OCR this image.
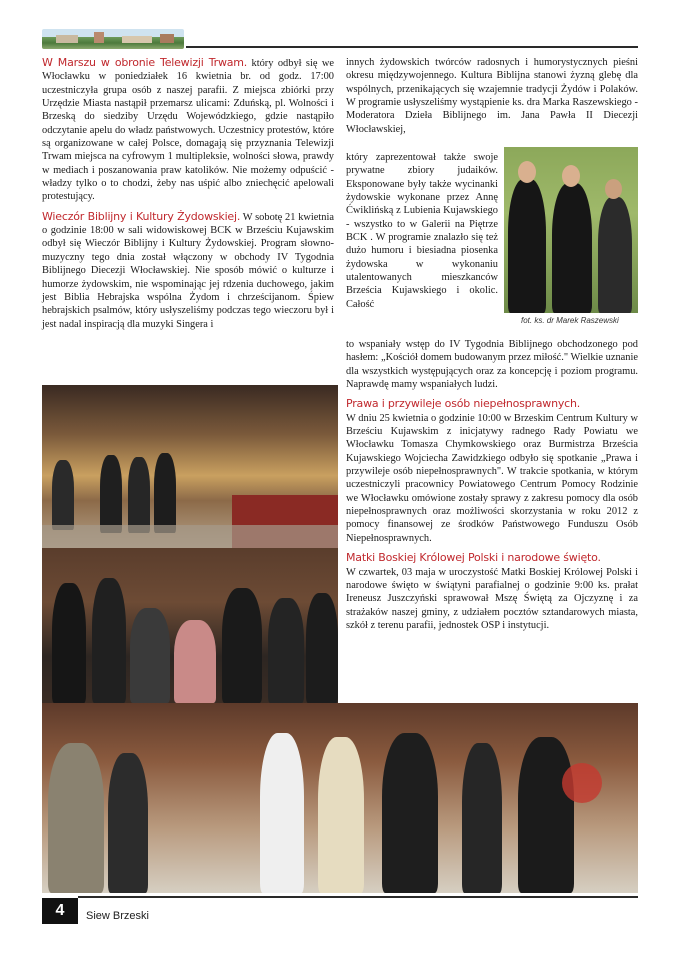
W Marszu w obronie Telewizji Trwam. który odbył się we Włocławku w poniedziałek 16 kwietnia br. od godz. 17:00 uczestniczyła grupa osób z naszej parafii. Z miejsca zbiórki przy Urzędzie Miasta nastąpił przemarsz ulicami: Zduńską, pl. Wolności i Brzeską do siedziby Urzędu Wojewódzkiego, gdzie nastąpiło odczytanie apelu do władz państwowych. Uczestnicy protestów, które są organizowane w całej Polsce, domagają się przyznania Telewizji Trwam miejsca na cyfrowym 1 multipleksie, wolności słowa, prawdy w mediach i poszanowania praw katolików. Nie możemy odpuścić - władzy tylko o to chodzi, żeby nas uśpić albo zniechęcić apelowali protestujący.

Wieczór Biblijny i Kultury Żydowskiej. W sobotę 21 kwietnia o godzinie 18:00 w sali widowiskowej BCK w Brześciu Kujawskim odbył się Wieczór Biblijny i Kultury Żydowskiej. Program słowno-muzyczny tego dnia został włączony w obchody IV Tygodnia Biblijnego Diecezji Włocławskiej. Nie sposób mówić o kulturze i humorze żydowskim, nie wspominając jej rdzenia duchowego, jakim jest Biblia Hebrajska wspólna Żydom i chrześcijanom. Śpiew hebrajskich psalmów, który usłyszeliśmy podczas tego wieczoru był i jest nadal inspiracją dla muzyki Singera i

innych żydowskich twórców radosnych i humorystycznych pieśni okresu międzywojennego. Kultura Biblijna stanowi żyzną glebę dla wspólnych, przenikających się wzajemnie tradycji Żydów i Polaków. W programie usłyszeliśmy wystąpienie ks. dra Marka Raszewskiego - Moderatora Dzieła Biblijnego im. Jana Pawła II Diecezji Włocławskiej,

który zaprezentował także swoje prywatne zbiory judaików. Eksponowane były także wycinanki żydowskie wykonane przez Annę Ćwiklińską z Lubienia Kujawskiego - wszystko to w Galerii na Piętrze BCK . W programie znalazło się też dużo humoru i biesiadna piosenka żydowska w wykonaniu utalentowanych mieszkanców Brześcia Kujawskiego i okolic. Całość

fot. ks. dr Marek Raszewski

to wspaniały wstęp do IV Tygodnia Biblijnego obchodzonego pod hasłem: „Kościół domem budowanym przez miłość." Wielkie uznanie dla wszystkich występujących oraz za koncepcję i poziom programu. Naprawdę mamy wspaniałych ludzi.

Prawa i przywileje osób niepełnosprawnych.
W dniu 25 kwietnia o godzinie 10:00 w Brzeskim Centrum Kultury w Brześciu Kujawskim z inicjatywy radnego Rady Powiatu we Włocławku Tomasza Chymkowskiego oraz Burmistrza Brześcia Kujawskiego Wojciecha Zawidzkiego odbyło się spotkanie „Prawa i przywileje osób niepełnosprawnych". W trakcie spotkania, w którym uczestniczyli pracownicy Powiatowego Centrum Pomocy Rodzinie we Włocławku omówione zostały sprawy z zakresu pomocy dla osób niepełnosprawnych oraz możliwości skorzystania w roku 2012 z pomocy finansowej ze środków Państwowego Funduszu Osób Niepełnosprawnych.

Matki Boskiej Królowej Polski i narodowe święto.
W czwartek, 03 maja w uroczystość Matki Boskiej Królowej Polski i narodowe święto w świątyni parafialnej o godzinie 9:00 ks. prałat Ireneusz Juszczyński sprawował Mszę Świętą za Ojczyznę i za strażaków naszej gminy, z udziałem pocztów sztandarowych miasta, szkół z terenu parafii, jednostek OSP i instytucji.

4	Siew Brzeski
